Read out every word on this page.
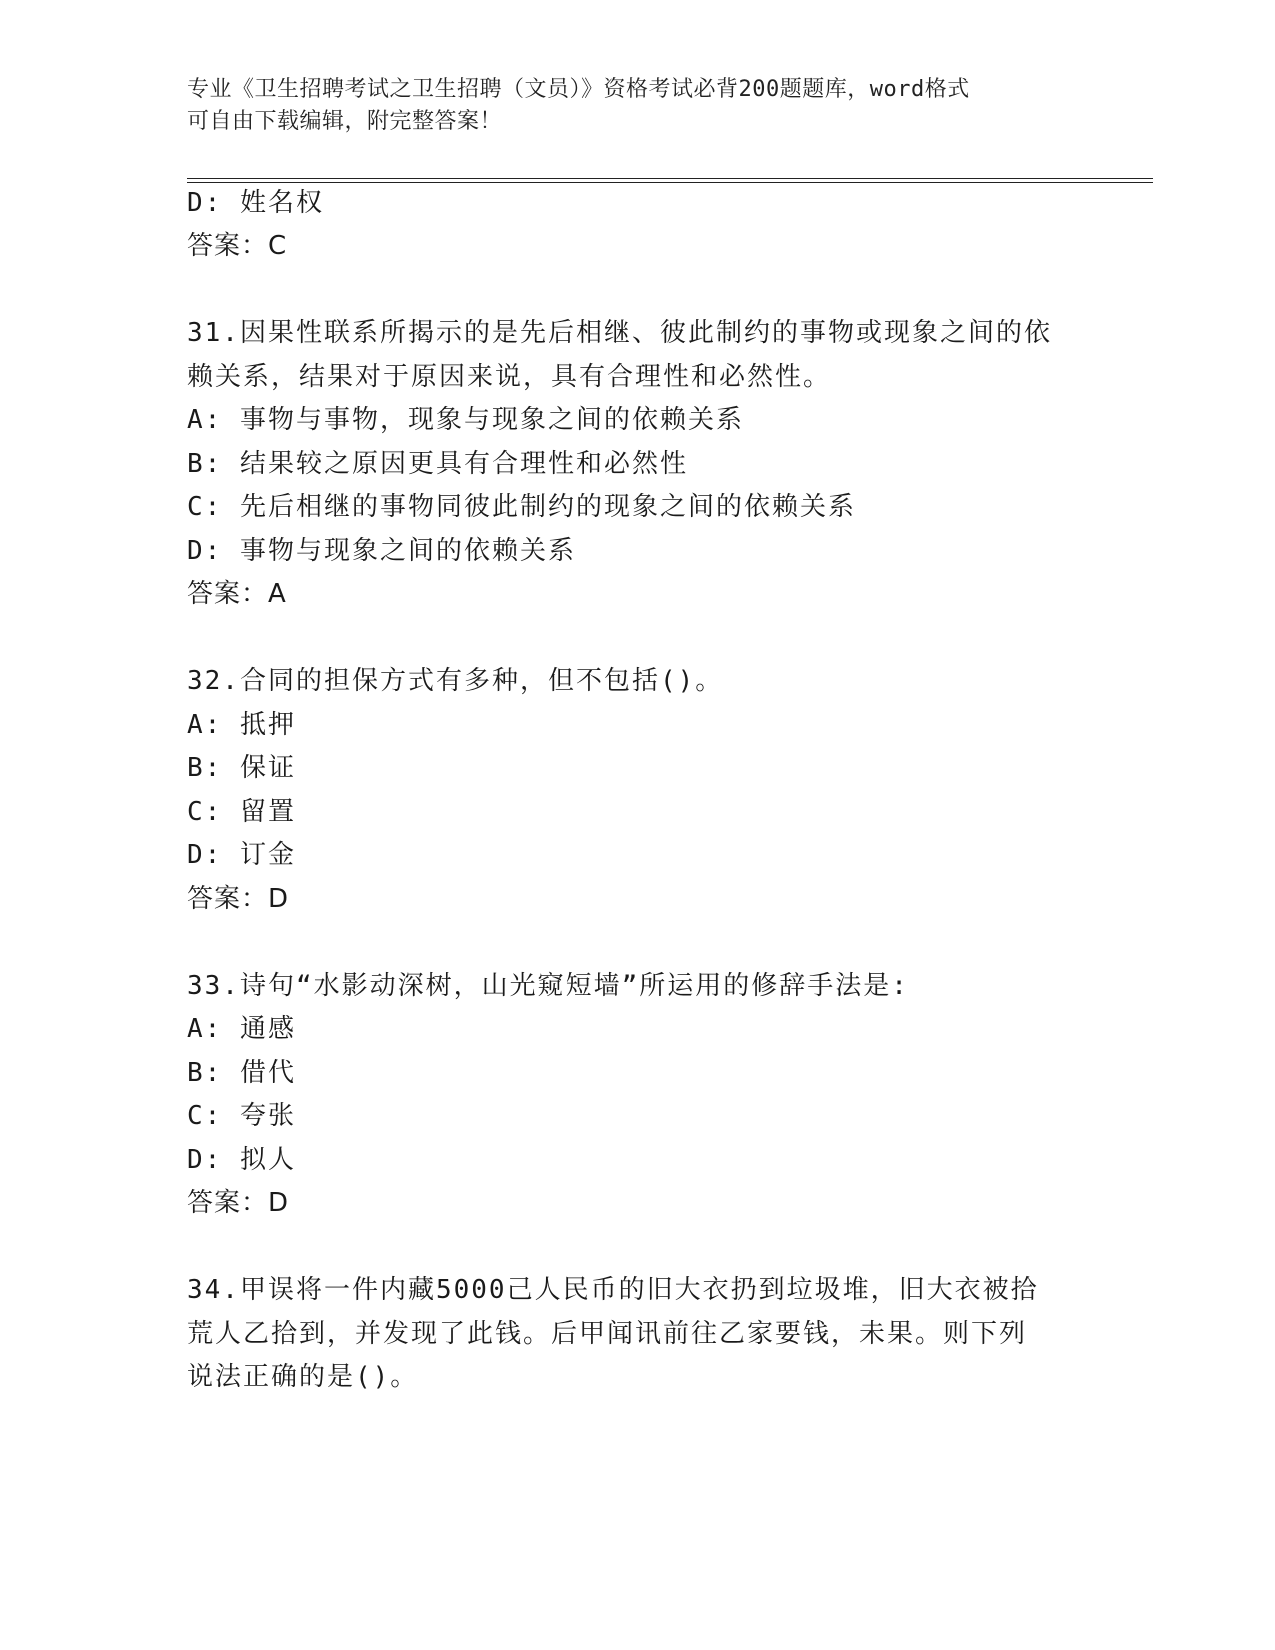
专业《卫生招聘考试之卫生招聘（文员）》资格考试必背200题题库，word格式
可自由下载编辑，附完整答案！
D: 姓名权
答案：C
31.因果性联系所揭示的是先后相继、彼此制约的事物或现象之间的依
赖关系，结果对于原因来说，具有合理性和必然性。
A: 事物与事物，现象与现象之间的依赖关系
B: 结果较之原因更具有合理性和必然性
C: 先后相继的事物同彼此制约的现象之间的依赖关系
D: 事物与现象之间的依赖关系
答案：A
32.合同的担保方式有多种，但不包括()。
A: 抵押
B: 保证
C: 留置
D: 订金
答案：D
33.诗句“水影动深树，山光窥短墙”所运用的修辞手法是:
A: 通感
B: 借代
C: 夸张
D: 拟人
答案：D
34.甲误将一件内藏5000己人民币的旧大衣扔到垃圾堆，旧大衣被拾
荒人乙拾到，并发现了此钱。后甲闻讯前往乙家要钱，未果。则下列
说法正确的是()。
